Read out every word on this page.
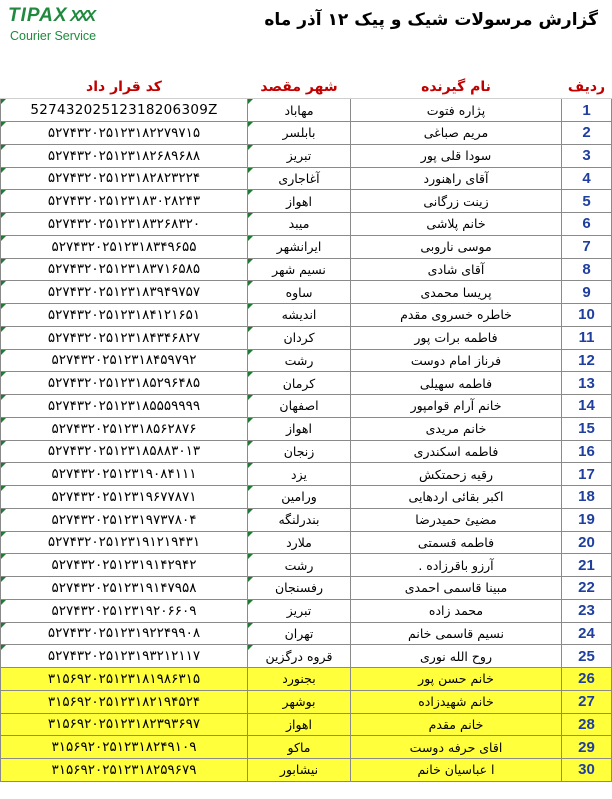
TIPAX XXX
Courier Service
گزارش مرسولات شیک و پیک ۱۲ آذر ماه
کد قرار داد	شهر مقصد	نام گیرنده	ردیف

52743202512318206309Z	مهاباد	پژاره فتوت	1

۵۲۷۴۳۲۰۲۵۱۲۳۱۸۲۲۷۹۷۱۵	بابلسر	مریم صباغی	2

۵۲۷۴۳۲۰۲۵۱۲۳۱۸۲۶۸۹۶۸۸	تبریز	سودا قلی پور	3

۵۲۷۴۳۲۰۲۵۱۲۳۱۸۲۸۲۳۲۲۴	آغاجاری	آقای راهنورد	4

۵۲۷۴۳۲۰۲۵۱۲۳۱۸۳۰۲۸۲۴۳	اهواز	زینت زرگانی	5

۵۲۷۴۳۲۰۲۵۱۲۳۱۸۳۲۶۸۳۲۰	میبد	خانم پلاشی	6

۵۲۷۴۳۲۰۲۵۱۲۳۱۸۳۴۹۶۵۵	ایرانشهر	موسی ناروبی	7

۵۲۷۴۳۲۰۲۵۱۲۳۱۸۳۷۱۶۵۸۵	نسیم شهر	آقای شادی	8

۵۲۷۴۳۲۰۲۵۱۲۳۱۸۳۹۴۹۷۵۷	ساوه	پریسا محمدی	9

۵۲۷۴۳۲۰۲۵۱۲۳۱۸۴۱۲۱۶۵۱	اندیشه	خاطره خسروی مقدم	10

۵۲۷۴۳۲۰۲۵۱۲۳۱۸۴۳۴۶۸۲۷	کردان	فاطمه برات پور	11

۵۲۷۴۳۲۰۲۵۱۲۳۱۸۴۵۹۷۹۲	رشت	فرناز امام دوست	12

۵۲۷۴۳۲۰۲۵۱۲۳۱۸۵۲۹۶۴۸۵	کرمان	فاطمه سهیلی	13

۵۲۷۴۳۲۰۲۵۱۲۳۱۸۵۵۵۹۹۹۹	اصفهان	خانم آرام قوامپور	14

۵۲۷۴۳۲۰۲۵۱۲۳۱۸۵۶۲۸۷۶	اهواز	خانم مریدی	15

۵۲۷۴۳۲۰۲۵۱۲۳۱۸۵۸۸۳۰۱۳	زنجان	فاطمه اسکندری	16

۵۲۷۴۳۲۰۲۵۱۲۳۱۹۰۸۴۱۱۱	یزد	رقیه زحمتکش	17

۵۲۷۴۳۲۰۲۵۱۲۳۱۹۶۷۷۸۷۱	ورامین	اکبر بقائی اردهایی	18

۵۲۷۴۳۲۰۲۵۱۲۳۱۹۷۳۷۸۰۴	بندرلنگه	مضیئ حمیدرضا	19

۵۲۷۴۳۲۰۲۵۱۲۳۱۹۱۲۱۹۴۳۱	ملارد	فاطمه قسمتی	20

۵۲۷۴۳۲۰۲۵۱۲۳۱۹۱۴۲۹۴۲	رشت	آرزو باقرزاده .	21

۵۲۷۴۳۲۰۲۵۱۲۳۱۹۱۴۷۹۵۸	رفسنجان	مبینا قاسمی احمدی	22

۵۲۷۴۳۲۰۲۵۱۲۳۱۹۲۰۶۶۰۹	تبریز	محمد زاده	23

۵۲۷۴۳۲۰۲۵۱۲۳۱۹۲۲۴۹۹۰۸	تهران	نسیم قاسمی خانم	24

۵۲۷۴۳۲۰۲۵۱۲۳۱۹۳۲۱۲۱۱۷	قروه درگزین	روح الله نوری	25
۳۱۵۶۹۲۰۲۵۱۲۳۱۸۱۹۸۶۳۱۵	بجنورد	خانم حسن پور	26
۳۱۵۶۹۲۰۲۵۱۲۳۱۸۲۱۹۴۵۲۴	بوشهر	خانم شهیدزاده	27
۳۱۵۶۹۲۰۲۵۱۲۳۱۸۲۳۹۳۶۹۷	اهواز	خانم مقدم	28
۳۱۵۶۹۲۰۲۵۱۲۳۱۸۲۴۹۱۰۹	ماکو	اقای حرفه دوست	29
۳۱۵۶۹۲۰۲۵۱۲۳۱۸۲۵۹۶۷۹	نیشابور	ا عباسیان خانم	30
